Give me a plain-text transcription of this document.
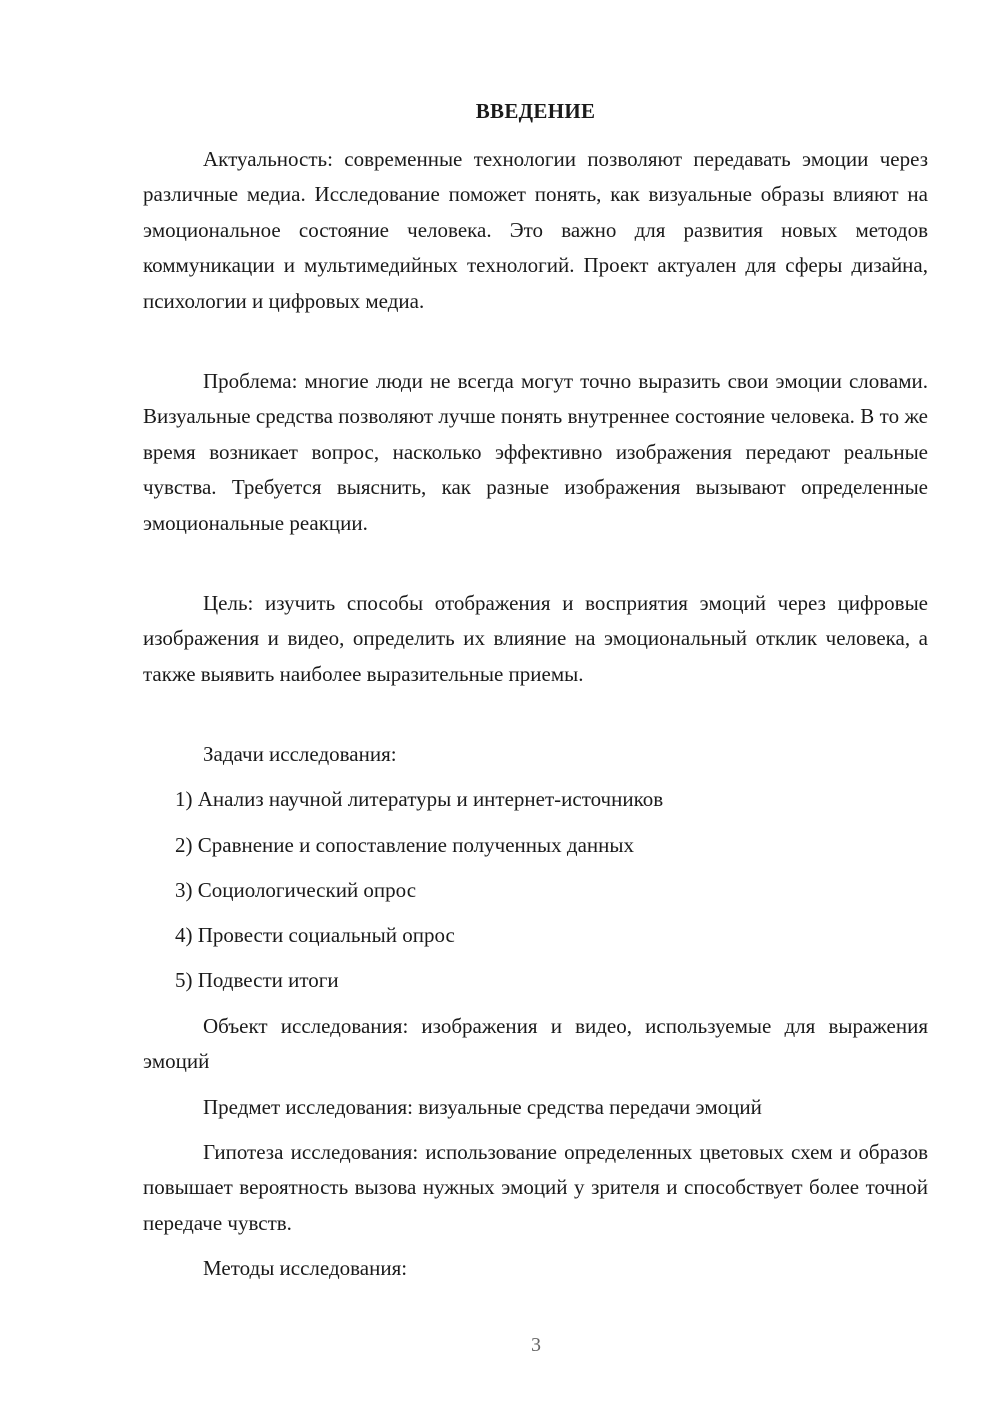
ВВЕДЕНИЕ

Актуальность: современные технологии позволяют передавать эмоции через различные медиа. Исследование поможет понять, как визуальные образы влияют на эмоциональное состояние человека. Это важно для развития новых методов коммуникации и мультимедийных технологий. Проект актуален для сферы дизайна, психологии и цифровых медиа.

Проблема: многие люди не всегда могут точно выразить свои эмоции словами. Визуальные средства позволяют лучше понять внутреннее состояние человека. В то же время возникает вопрос, насколько эффективно изображения передают реальные чувства. Требуется выяснить, как разные изображения вызывают определенные эмоциональные реакции.

Цель: изучить способы отображения и восприятия эмоций через цифровые изображения и видео, определить их влияние на эмоциональный отклик человека, а также выявить наиболее выразительные приемы.

Задачи исследования:
1) Анализ научной литературы и интернет-источников
2) Сравнение и сопоставление полученных данных
3) Социологический опрос
4) Провести социальный опрос
5) Подвести итоги

Объект исследования: изображения и видео, используемые для выражения эмоций

Предмет исследования: визуальные средства передачи эмоций

Гипотеза исследования: использование определенных цветовых схем и образов повышает вероятность вызова нужных эмоций у зрителя и способствует более точной передаче чувств.

Методы исследования:
3
